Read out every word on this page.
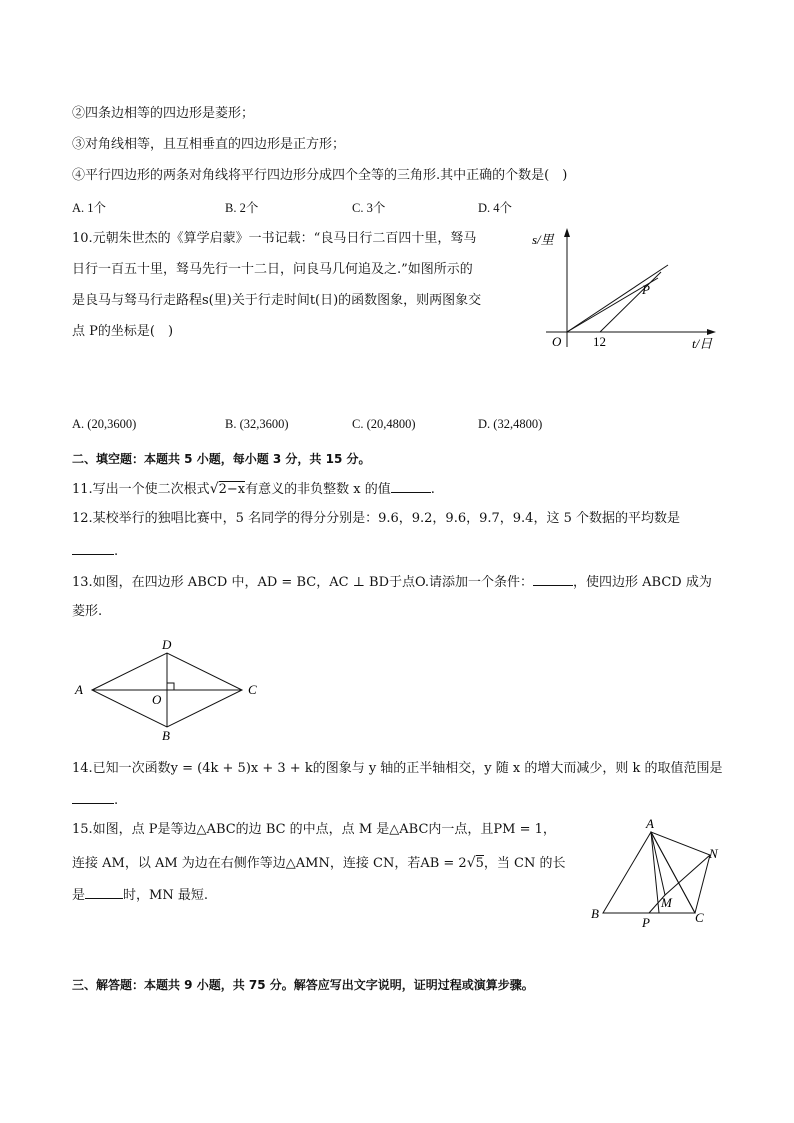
②四条边相等的四边形是菱形；
③对角线相等，且互相垂直的四边形是正方形；
④平行四边形的两条对角线将平行四边形分成四个全等的三角形.其中正确的个数是(　)
A. 1个	B. 2个	C. 3个	D. 4个
10.元朝朱世杰的《算学启蒙》一书记载：“良马日行二百四十里，驽马
日行一百五十里，驽马先行一十二日，问良马几何追及之.”如图所示的
是良马与驽马行走路程s(里)关于行走时间t(日)的函数图象，则两图象交
点 P的坐标是(　)
s/里
t/日
O 12
P
A. (20,3600)	B. (32,3600)	C. (20,4800)	D. (32,4800)
二、填空题：本题共 5 小题，每小题 3 分，共 15 分。
11.写出一个使二次根式√2−x有意义的非负整数 x 的值	.
12.某校举行的独唱比赛中，5 名同学的得分分别是：9.6，9.2，9.6，9.7，9.4，这 5 个数据的平均数是
.
13.如图，在四边形 ABCD 中，AD = BC，AC ⊥ BD于点O.请添加一个条件：	，使四边形 ABCD 成为
菱形.
A
D
C
B
O
14.已知一次函数y = (4k + 5)x + 3 + k的图象与 y 轴的正半轴相交，y 随 x 的增大而减少，则 k 的取值范围是
.
15.如图，点 P是等边△ABC的边 BC 的中点，点 M 是△ABC内一点，且PM = 1，
连接 AM，以 AM 为边在右侧作等边△AMN，连接 CN，若AB = 2√5，当 CN 的长
是	时，MN 最短.
A
B	C
N
M
P
三、解答题：本题共 9 小题，共 75 分。解答应写出文字说明，证明过程或演算步骤。
